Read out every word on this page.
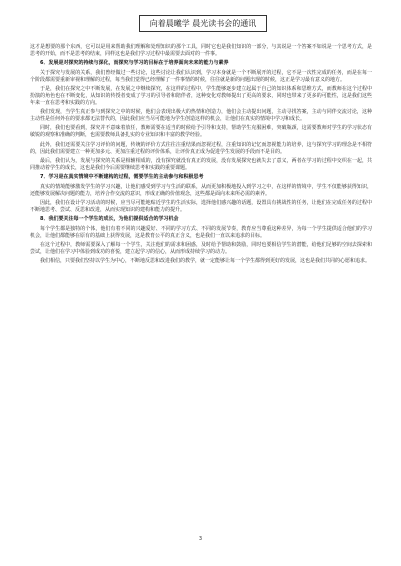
向着晨曦学 晨光读书会的通讯

这才是想要的那个东西，它可以是用来帮助我们理解和处理知识的那个工具，同时它也是我们知识的一部分，与其说是一个答案不如说是一个思考方式，是思考的开始，而不是思考的结束，同样这也是我们学习过程中最需要去面对的一件事。

6．发展是对探究的持续与深化，而探究与学习的目标在于培养面向未来的能力与素养

关于探究与发展的关系，我们曾经做过一些讨论，这些讨论让我们认识到，学习本身就是一个不断展开的过程，它不是一次性完成的任务，而是在每一个阶段都需要重新审视和理解的过程，每当我们觉得已经理解了一件事情的时候，往往就是新的问题出现的时候，这正是学习最有意义的地方。

于是，我们在探究之中不断发展，在发展之中继续探究，在这样的过程中，学生能够逐步建立起属于自己的知识体系和思维方式，而教师在这个过程中扮演的角色也在不断变化，从知识的传授者变成了学习的引导者和陪伴者，这种变化对教师提出了更高的要求，同时也带来了更多的可能性，这是我们这些年来一直在思考和实践的方向。

我们发现，当学生真正参与到探究之中的时候，他们会表现出极大的热情和创造力，他们会主动提出问题，主动寻找答案，主动与同伴交流讨论，这种主动性是任何外在的要求都无法替代的，因此我们应当尽可能地为学生创造这样的机会，让他们在真实的情境中学习和成长。

同时，我们也要看到，探究并不意味着放任，教师需要在适当的时候给予引导和支持，帮助学生克服困难，突破瓶颈，这需要教师对学生的学习状态有敏锐的观察和准确的判断，也需要教师具备扎实的专业知识和丰富的教学经验。

此外，我们还需要关注学习评价的问题，传统的评价方式往往注重结果而忽视过程，注重知识的记忆而忽视能力的培养，这与探究学习的理念是不相符的，因此我们需要建立一种更加多元、更加注重过程的评价体系，让评价真正成为促进学生发展的手段而不是目的。

最后，我们认为，发展与探究的关系是相辅相成的，没有探究就没有真正的发展，没有发展探究也就失去了意义，两者在学习的过程中交织在一起，共同推动着学生的成长，这也是我们今后需要继续思考和实践的重要课题。

7．学习是在真实情境中不断建构的过程，需要学生的主动参与和积极思考

真实的情境能够激发学生的学习兴趣，让他们感受到学习与生活的联系，从而更加积极地投入到学习之中，在这样的情境中，学生不仅能够获得知识，还能够发展解决问题的能力，培养合作交流的意识，形成正确的价值观念，这些都是面向未来所必需的素养。

因此，我们在设计学习活动的时候，应当尽可能地贴近学生的生活实际，选择他们感兴趣的话题，设置具有挑战性的任务，让他们在完成任务的过程中不断地思考、尝试、反思和改进，从而实现知识的建构和能力的提升。

8．我们要关注每一个学生的成长，为他们提供适合的学习机会

每个学生都是独特的个体，他们有着不同的兴趣爱好、不同的学习方式、不同的发展节奏，教育应当尊重这种差异，为每一个学生提供适合他们的学习机会，让他们都能够在原有的基础上获得发展，这是教育公平的真正含义，也是我们一直以来追求的目标。

在这个过程中，教师需要深入了解每一个学生，关注他们的需求和困惑，及时给予帮助和鼓励，同时也要相信学生的潜能，给他们足够的空间去探索和尝试，让他们在学习中体验到成功的喜悦，建立起学习的信心，从而形成持续学习的动力。

我们相信，只要我们坚持以学生为中心，不断地反思和改进我们的教学，就一定能够让每一个学生都得到更好的发展，这也是我们共同的心愿和追求。

3
